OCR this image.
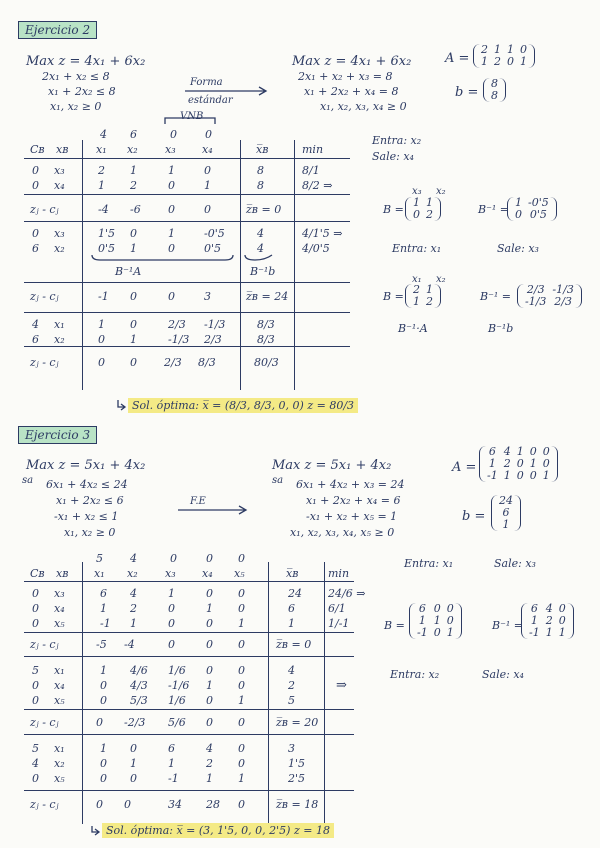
Ejercicio 2
Max z = 4x₁ + 6x₂
2x₁ + x₂ ≤ 8
x₁ + 2x₂ ≤ 8
x₁, x₂ ≥ 0
Forma
estándar
Max z = 4x₁ + 6x₂
2x₁ + x₂ + x₃ = 8
x₁ + 2x₂ + x₄ = 8
x₁, x₂, x₃, x₄ ≥ 0
A =
2	1	1	0
1	2	0	1
b =
8
8
VNB
4 6	0	0
Cʙ xʙ	x₁ x₂ x₃ x₄	x̅ʙ	min
0 x₃	2 1	1	0	8	8/1
0 x₄	1 2	0	1	8	8/2 ⇒
zⱼ - cⱼ	-4 -6 0	0	z̅ʙ = 0
0 x₃	1'5 0	1	-0'5	4	4/1'5 ⇒
6 x₂	0'5 1	0	0'5	4	4/0'5
zⱼ - cⱼ	-1 0	0	3	z̅ʙ = 24
4 x₁	1 0	2/3 -1/3	8/3
6 x₂	0 1	-1/3 2/3	8/3
zⱼ - cⱼ	0 0 2/3 8/3	80/3
B⁻¹A	B⁻¹b
Entra: x₂
Sale: x₄
B =
x₃ x₂
1	1
0	2	B⁻¹ =
1	-0'5
0	0'5
Entra: x₁	Sale: x₃
B =
x₁ x₂
2	1
1	2	B⁻¹ =
2/3	-1/3
-1/3	2/3
B⁻¹·A	B⁻¹b
Sol. óptima: x̅ = (8/3, 8/3, 0, 0) z = 80/3
Ejercicio 3
Max z = 5x₁ + 4x₂
sa 6x₁ + 4x₂ ≤ 24
x₁ + 2x₂ ≤ 6
-x₁ + x₂ ≤ 1
x₁, x₂ ≥ 0
F.E
Max z = 5x₁ + 4x₂
sa 6x₁ + 4x₂ + x₃ = 24
x₁ + 2x₂ + x₄ = 6
-x₁ + x₂ + x₅ = 1
x₁, x₂, x₃, x₄, x₅ ≥ 0
A =
6	4	1	0	0
1	2	0	1	0
-1	1	0	0	1
b =
24
6
1
5 4	0	0 0
Cʙ xʙ x₁ x₂ x₃ x₄ x₅	x̅ʙ	min
0 x₃	6 4	1	0 0	24 24/6 ⇒
0 x₄	1 2	0	1 0	6	6/1
0 x₅	-1 1	0	0 1	1	1/-1
zⱼ - cⱼ	-5 -4	0	0 0	z̅ʙ = 0
5 x₁	1 4/6 1/6 0 0	4
0 x₄	0 4/3 -1/6 1 0	2
0 x₅	0 5/3 1/6 0 1	5
zⱼ - cⱼ	0 -2/3 5/6 0 0	z̅ʙ = 20
5 x₁	1 0	6	4 0	3
4 x₂	0 1	1	2 0	1'5
0 x₅	0 0	-1 1 1	2'5
zⱼ - cⱼ	0 0	34 28 0	z̅ʙ = 18
⇒
Entra: x₁	Sale: x₃
B =
6	0	0
1	1	0
-1	0	1
B⁻¹ =
6	4	0
1	2	0
-1	1	1
Entra: x₂	Sale: x₄
Sol. óptima: x̅ = (3, 1'5, 0, 0, 2'5) z = 18
